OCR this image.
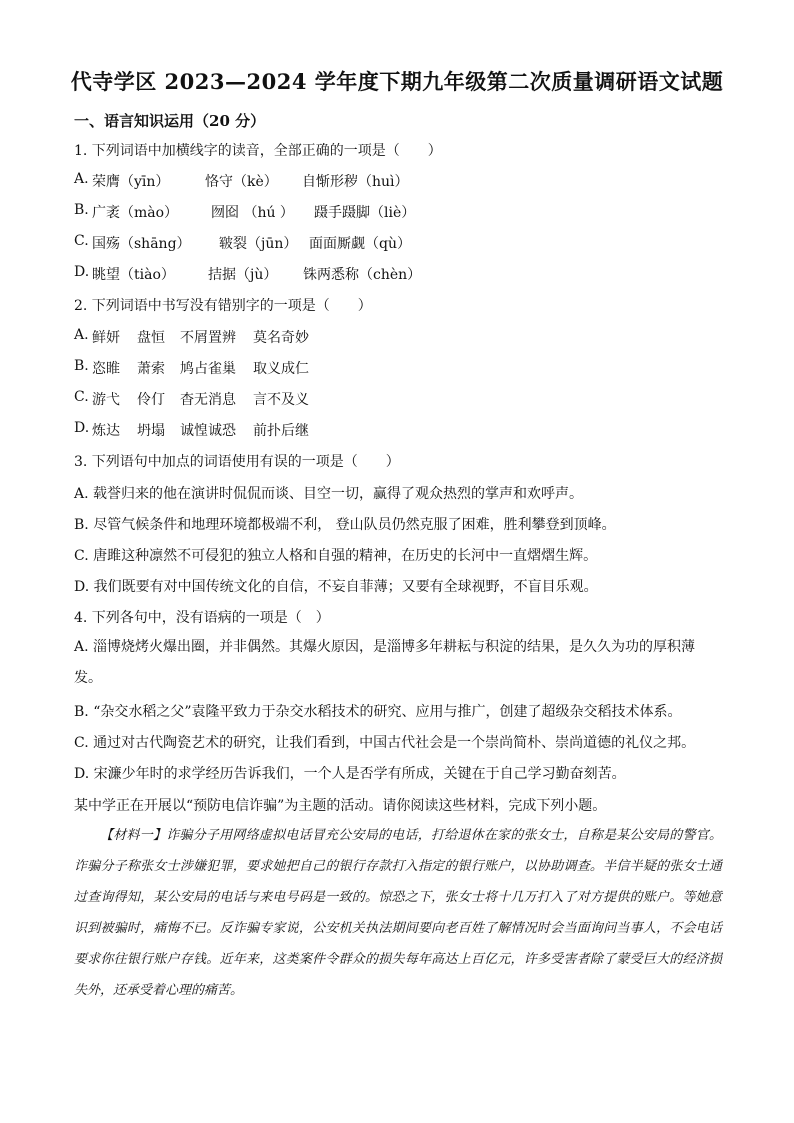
代寺学区 2023—2024 学年度下期九年级第二次质量调研语文试题
一、语言知识运用（20 分）
1. 下列词语中加横线字的读音，全部正确的一项是（　　）
A. 荣膺（yīn）	恪守（kè） 自惭形秽（huì）
B. 广袤（mào） 囫囵 （hú ） 蹑手蹑脚（liè）
C. 国殇（shāng） 皲裂（jūn） 面面厮觑（qù）
D. 眺望（tiào） 拮据（jù） 铢两悉称（chèn）
2. 下列词语中书写没有错别字的一项是（　　）
A. 鲜妍 盘恒 不屑置辨 莫名奇妙
B. 恣睢 萧索 鸠占雀巢 取义成仁
C. 游弋 伶仃 杳无消息 言不及义
D. 炼达 坍塌 诚惶诚恐 前扑后继
3. 下列语句中加点的词语使用有误的一项是（　　）
A. 载誉归来的他在演讲时侃侃而谈、目空一切，赢得了观众热烈的掌声和欢呼声。
B. 尽管气候条件和地理环境都极端不利， 登山队员仍然克服了困难，胜利攀登到顶峰。
C. 唐雎这种凛然不可侵犯的独立人格和自强的精神，在历史的长河中一直熠熠生辉。
D. 我们既要有对中国传统文化的自信，不妄自菲薄；又要有全球视野，不盲目乐观。
4. 下列各句中，没有语病的一项是（　）
A. 淄博烧烤火爆出圈，并非偶然。其爆火原因，是淄博多年耕耘与积淀的结果，是久久为功的厚积薄发。
B. “杂交水稻之父”袁隆平致力于杂交水稻技术的研究、应用与推广，创建了超级杂交稻技术体系。
C. 通过对古代陶瓷艺术的研究，让我们看到，中国古代社会是一个崇尚简朴、崇尚道德的礼仪之邦。
D. 宋濂少年时的求学经历告诉我们，一个人是否学有所成，关键在于自己学习勤奋刻苦。
某中学正在开展以“预防电信诈骗”为主题的活动。请你阅读这些材料，完成下列小题。
【材料一】诈骗分子用网络虚拟电话冒充公安局的电话，打给退休在家的张女士，自称是某公安局的警官。诈骗分子称张女士涉嫌犯罪，要求她把自己的银行存款打入指定的银行账户，以协助调查。半信半疑的张女士通过查询得知，某公安局的电话与来电号码是一致的。惊恐之下，张女士将十几万打入了对方提供的账户。等她意识到被骗时，痛悔不已。反诈骗专家说，公安机关执法期间要向老百姓了解情况时会当面询问当事人，不会电话要求你往银行账户存钱。近年来，这类案件令群众的损失每年高达上百亿元，许多受害者除了蒙受巨大的经济损失外，还承受着心理的痛苦。
